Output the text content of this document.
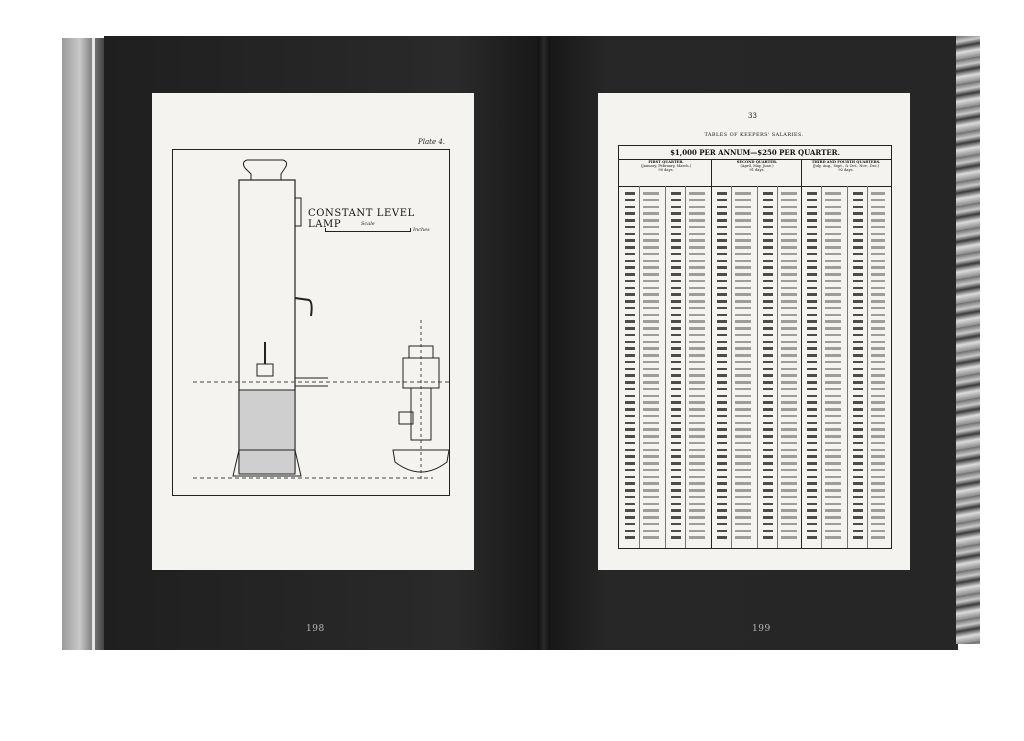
198	199
Plate 4.
CONSTANT LEVEL LAMP	Scale
Inches
33
TABLES OF KEEPERS' SALARIES.
$1,000 PER ANNUM—$250 PER QUARTER.
FIRST QUARTER.
(January, February, March.)
90 days.
SECOND QUARTER.
(April, May, June.)
91 days.
THIRD AND FOURTH QUARTERS.
(July, Aug., Sept., & Oct., Nov., Dec.)
92 days.
